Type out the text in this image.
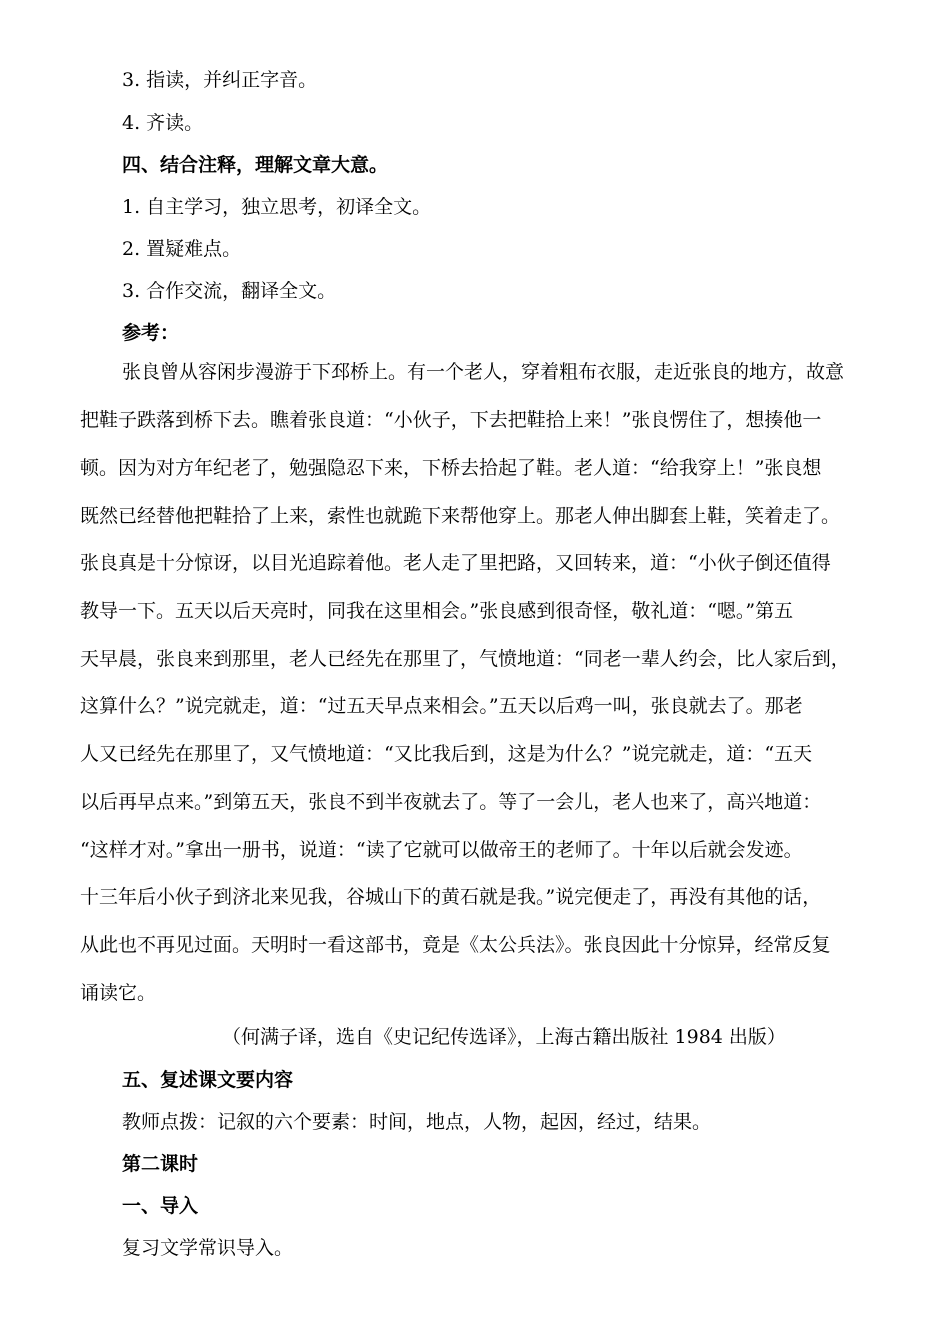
3. 指读，并纠正字音。
4. 齐读。
四、结合注释，理解文章大意。
1. 自主学习，独立思考，初译全文。
2. 置疑难点。
3. 合作交流，翻译全文。
参考：
张良曾从容闲步漫游于下邳桥上。有一个老人，穿着粗布衣服，走近张良的地方，故意
把鞋子跌落到桥下去。瞧着张良道：“小伙子，下去把鞋拾上来！”张良愣住了，想揍他一
顿。因为对方年纪老了，勉强隐忍下来，下桥去拾起了鞋。老人道：“给我穿上！”张良想
既然已经替他把鞋拾了上来，索性也就跪下来帮他穿上。那老人伸出脚套上鞋，笑着走了。
张良真是十分惊讶，以目光追踪着他。老人走了里把路，又回转来，道：“小伙子倒还值得
教导一下。五天以后天亮时，同我在这里相会。”张良感到很奇怪，敬礼道：“嗯。”第五
天早晨，张良来到那里，老人已经先在那里了，气愤地道：“同老一辈人约会，比人家后到，
这算什么？”说完就走，道：“过五天早点来相会。”五天以后鸡一叫，张良就去了。那老
人又已经先在那里了，又气愤地道：“又比我后到，这是为什么？”说完就走，道：“五天
以后再早点来。”到第五天，张良不到半夜就去了。等了一会儿，老人也来了，高兴地道：
“这样才对。”拿出一册书，说道：“读了它就可以做帝王的老师了。十年以后就会发迹。
十三年后小伙子到济北来见我，谷城山下的黄石就是我。”说完便走了，再没有其他的话，
从此也不再见过面。天明时一看这部书，竟是《太公兵法》。张良因此十分惊异，经常反复
诵读它。
（何满子译，选自《史记纪传选译》，上海古籍出版社 1984 出版）
五、复述课文要内容
教师点拨：记叙的六个要素：时间，地点，人物，起因，经过，结果。
第二课时
一、导入
复习文学常识导入。
